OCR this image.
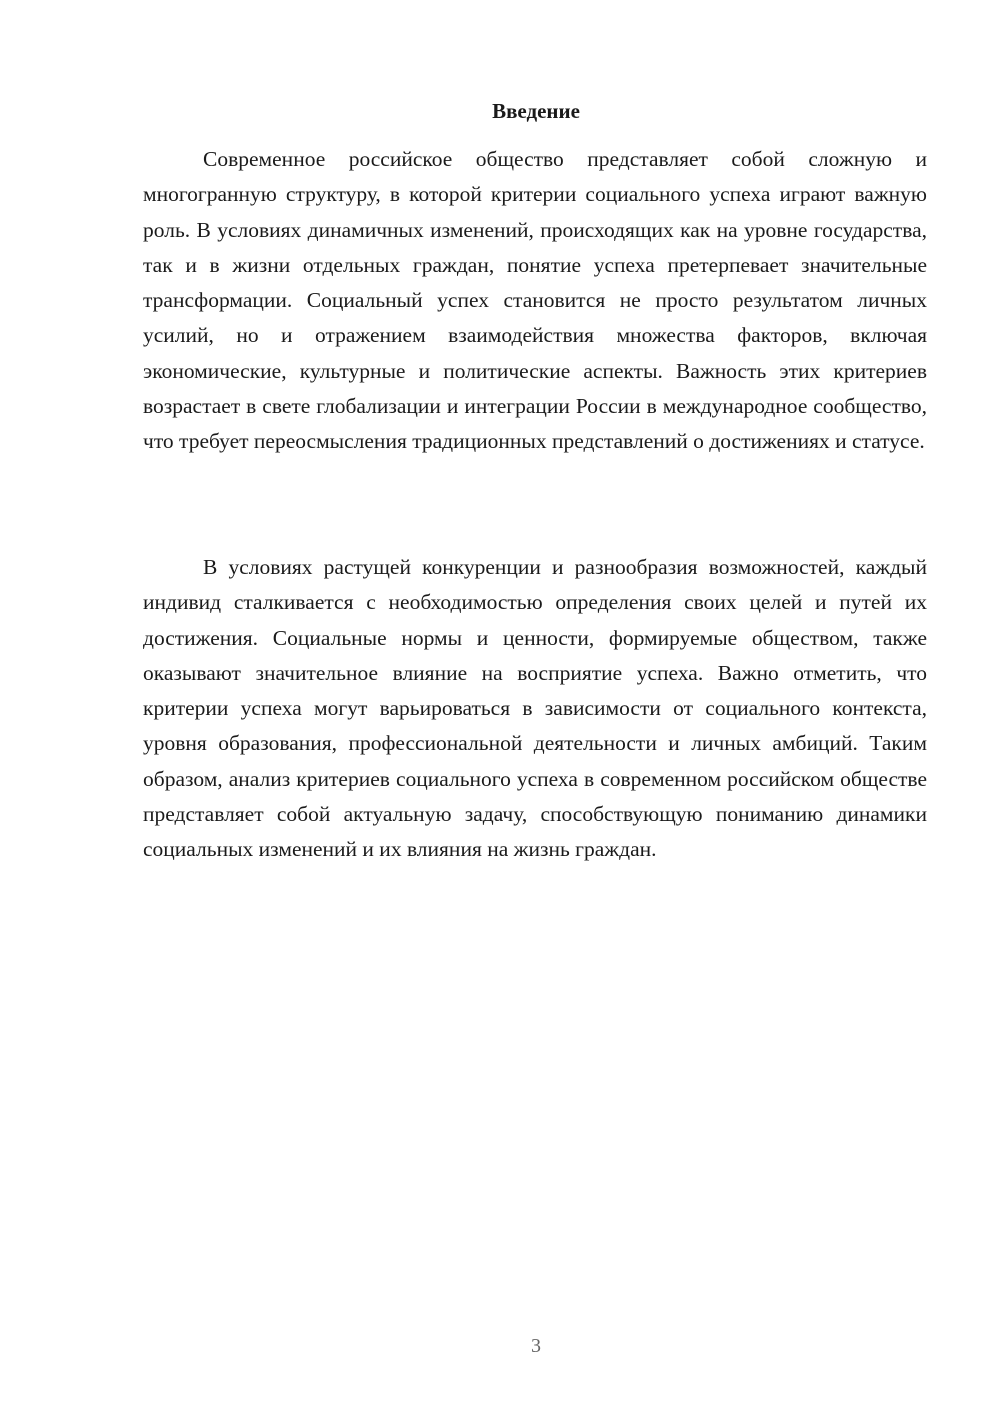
Введение

Современное российское общество представляет собой сложную и многогранную структуру, в которой критерии социального успеха играют важную роль. В условиях динамичных изменений, происходящих как на уровне государства, так и в жизни отдельных граждан, понятие успеха претерпевает значительные трансформации. Социальный успех становится не просто результатом личных усилий, но и отражением взаимодействия множества факторов, включая экономические, культурные и политические аспекты. Важность этих критериев возрастает в свете глобализации и интеграции России в международное сообщество, что требует переосмысления традиционных представлений о достижениях и статусе.

В условиях растущей конкуренции и разнообразия возможностей, каждый индивид сталкивается с необходимостью определения своих целей и путей их достижения. Социальные нормы и ценности, формируемые обществом, также оказывают значительное влияние на восприятие успеха. Важно отметить, что критерии успеха могут варьироваться в зависимости от социального контекста, уровня образования, профессиональной деятельности и личных амбиций. Таким образом, анализ критериев социального успеха в современном российском обществе представляет собой актуальную задачу, способствующую пониманию динамики социальных изменений и их влияния на жизнь граждан.

3
